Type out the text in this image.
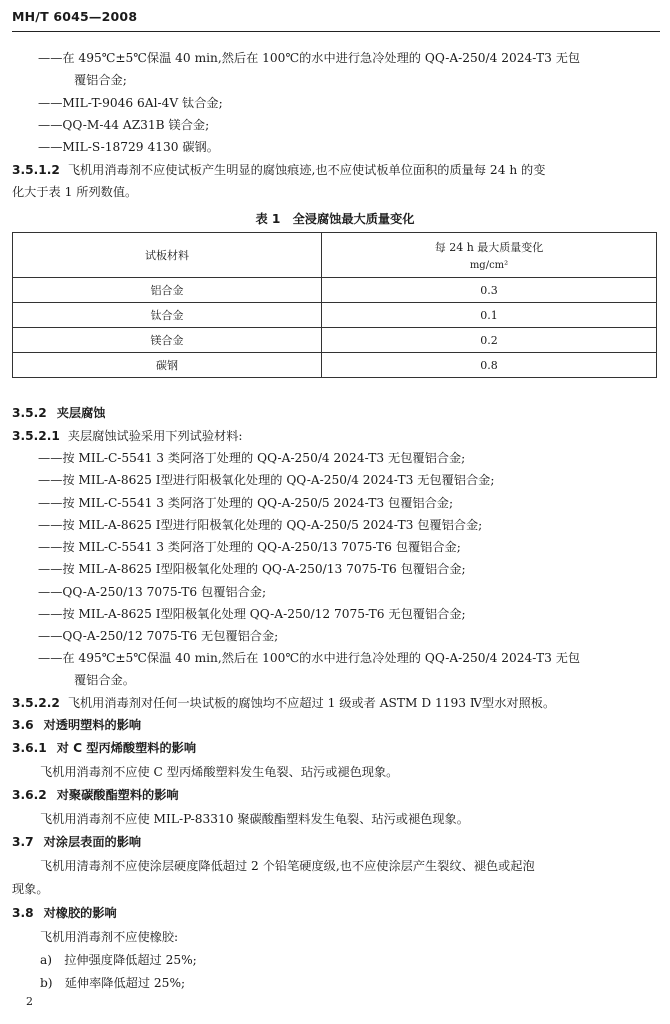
MH/T 6045—2008
——在 495℃±5℃保温 40 min,然后在 100℃的水中进行急冷处理的 QQ-A-250/4 2024-T3 无包
覆铝合金;
——MIL-T-9046 6Al-4V 钛合金;
——QQ-M-44 AZ31B 镁合金;
——MIL-S-18729 4130 碳钢。
3.5.1.2 飞机用消毒剂不应使试板产生明显的腐蚀痕迹,也不应使试板单位面积的质量每 24 h 的变
化大于表 1 所列数值。
表 1　全浸腐蚀最大质量变化
试板材料	每 24 h 最大质量变化
mg/cm²

铝合金	0.3
钛合金	0.1
镁合金	0.2
碳钢	0.8
3.5.2 夹层腐蚀
3.5.2.1 夹层腐蚀试验采用下列试验材料:
——按 MIL-C-5541 3 类阿洛丁处理的 QQ-A-250/4 2024-T3 无包覆铝合金;
——按 MIL-A-8625 Ⅰ型进行阳极氧化处理的 QQ-A-250/4 2024-T3 无包覆铝合金;
——按 MIL-C-5541 3 类阿洛丁处理的 QQ-A-250/5 2024-T3 包覆铝合金;
——按 MIL-A-8625 Ⅰ型进行阳极氧化处理的 QQ-A-250/5 2024-T3 包覆铝合金;
——按 MIL-C-5541 3 类阿洛丁处理的 QQ-A-250/13 7075-T6 包覆铝合金;
——按 MIL-A-8625 Ⅰ型阳极氧化处理的 QQ-A-250/13 7075-T6 包覆铝合金;
——QQ-A-250/13 7075-T6 包覆铝合金;
——按 MIL-A-8625 Ⅰ型阳极氧化处理 QQ-A-250/12 7075-T6 无包覆铝合金;
——QQ-A-250/12 7075-T6 无包覆铝合金;
——在 495℃±5℃保温 40 min,然后在 100℃的水中进行急冷处理的 QQ-A-250/4 2024-T3 无包
覆铝合金。
3.5.2.2 飞机用消毒剂对任何一块试板的腐蚀均不应超过 1 级或者 ASTM D 1193 Ⅳ型水对照板。
3.6 对透明塑料的影响
3.6.1 对 C 型丙烯酸塑料的影响
飞机用消毒剂不应使 C 型丙烯酸塑料发生龟裂、玷污或褪色现象。
3.6.2 对聚碳酸酯塑料的影响
飞机用消毒剂不应使 MIL-P-83310 聚碳酸酯塑料发生龟裂、玷污或褪色现象。
3.7 对涂层表面的影响
飞机用清毒剂不应使涂层硬度降低超过 2 个铅笔硬度级,也不应使涂层产生裂纹、褪色或起泡
现象。
3.8 对橡胶的影响
飞机用消毒剂不应使橡胶:
a)　拉伸强度降低超过 25%;
b)　延伸率降低超过 25%;
2
